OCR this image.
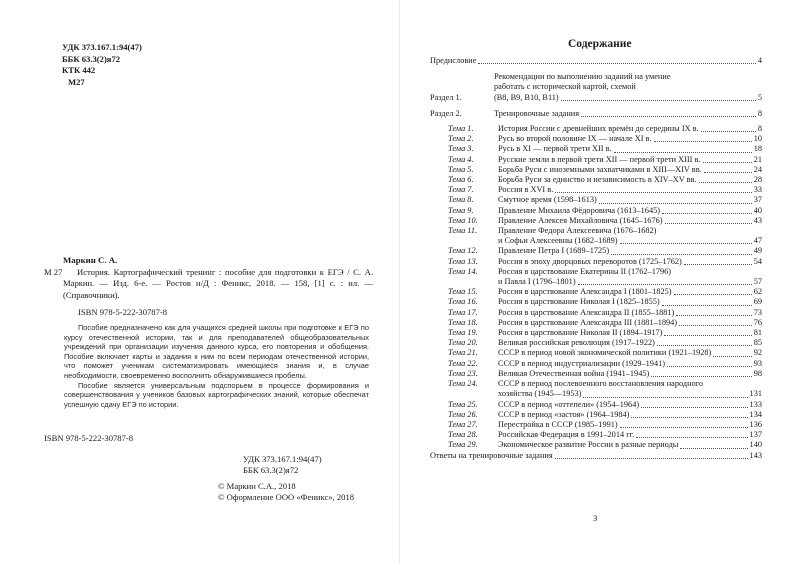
УДК 373.167.1:94(47)
ББК 63.3(2)я72
КТК 442
М27
Маркин С. А.
М 27	История. Картографический тренинг : пособие для подготовки к ЕГЭ / С. А. Маркин. — Изд. 6-е. — Ростов н/Д : Феникс, 2018. — 158, [1] с. : ил. — (Справочники).

ISBN 978-5-222-30787-8

Пособие предназначено как для учащихся средней школы при подготовке к ЕГЭ по курсу отечественной истории, так и для преподавателей общеобразовательных учреждений при организации изучения данного курса, его повторения и обобщения. Пособие включает карты и задания к ним по всем периодам отечественной истории, что поможет ученикам систематизировать имеющиеся знания и, в случае необходимости, своевременно восполнить обнаружившиеся пробелы.

Пособие является универсальным подспорьем в процессе формирования и совершенствования у учеников базовых картографических знаний, которые обеспечат успешную сдачу ЕГЭ по истории.

ISBN 978-5-222-30787-8
УДК 373.167.1:94(47)
ББК 63.3(2)я72
© Маркин С.А., 2018
© Оформление ООО «Феникс», 2018
Содержание
Предисловие	4
Раздел 1.
Рекомендации по выполнению заданий на умение
работать с исторической картой, схемой
(B8, B9, B10, B11)	5
Раздел 2.	Тренировочные задания	8
Тема 1.	История России с древнейших времён до середины IX в.	8
Тема 2.	Русь во второй половине IX — начале XI в.	10
Тема 3.	Русь в XI — первой трети XII в.	18
Тема 4.	Русские земли в первой трети XII — первой трети XIII в.	21
Тема 5.	Борьба Руси с иноземными захватчиками в XIII—XIV вв.	24
Тема 6.	Борьба Руси за единство и независимость в XIV–XV вв.	28
Тема 7.	Россия в XVI в.	33
Тема 8.	Смутное время (1598–1613)	37
Тема 9.	Правление Михаила Фёдоровича (1613–1645)	40
Тема 10.	Правление Алексея Михайловича (1645–1676)	43
Тема 11.	Правление Федора Алексеевича (1676–1682)
и Софьи Алексеевны (1682–1689)	47
Тема 12.	Правление Петра I (1689–1725)	49
Тема 13.	Россия в эпоху дворцовых переворотов (1725–1762)	54
Тема 14.	Россия в царствование Екатерины II (1762–1796)
и Павла I (1796–1801)	57
Тема 15.	Россия в царствование Александра I (1801–1825)	62
Тема 16.	Россия в царствование Николая I (1825–1855)	69
Тема 17.	Россия в царствование Александра II (1855–1881)	73
Тема 18.	Россия в царствование Александра III (1881–1894)	76
Тема 19.	Россия в царствование Николая II (1894–1917)	81
Тема 20.	Великая российская революция (1917–1922)	85
Тема 21.	СССР в период новой экономической политики (1921–1928)	92
Тема 22.	СССР в период индустриализации (1929–1941)	93
Тема 23.	Великая Отечественная война (1941–1945)	98
Тема 24.	СССР в период послевоенного восстановления народного
хозяйства (1945—1953)	131
Тема 25.	СССР в период «оттепели» (1954–1964)	133
Тема 26.	СССР в период «застоя» (1964–1984)	134
Тема 27.	Перестройка в СССР (1985–1991)	136
Тема 28.	Российская Федерация в 1991–2014 гг.	137
Тема 29.	Экономическое развитие России в разные периоды	140
Ответы на тренировочные задания	143
3
